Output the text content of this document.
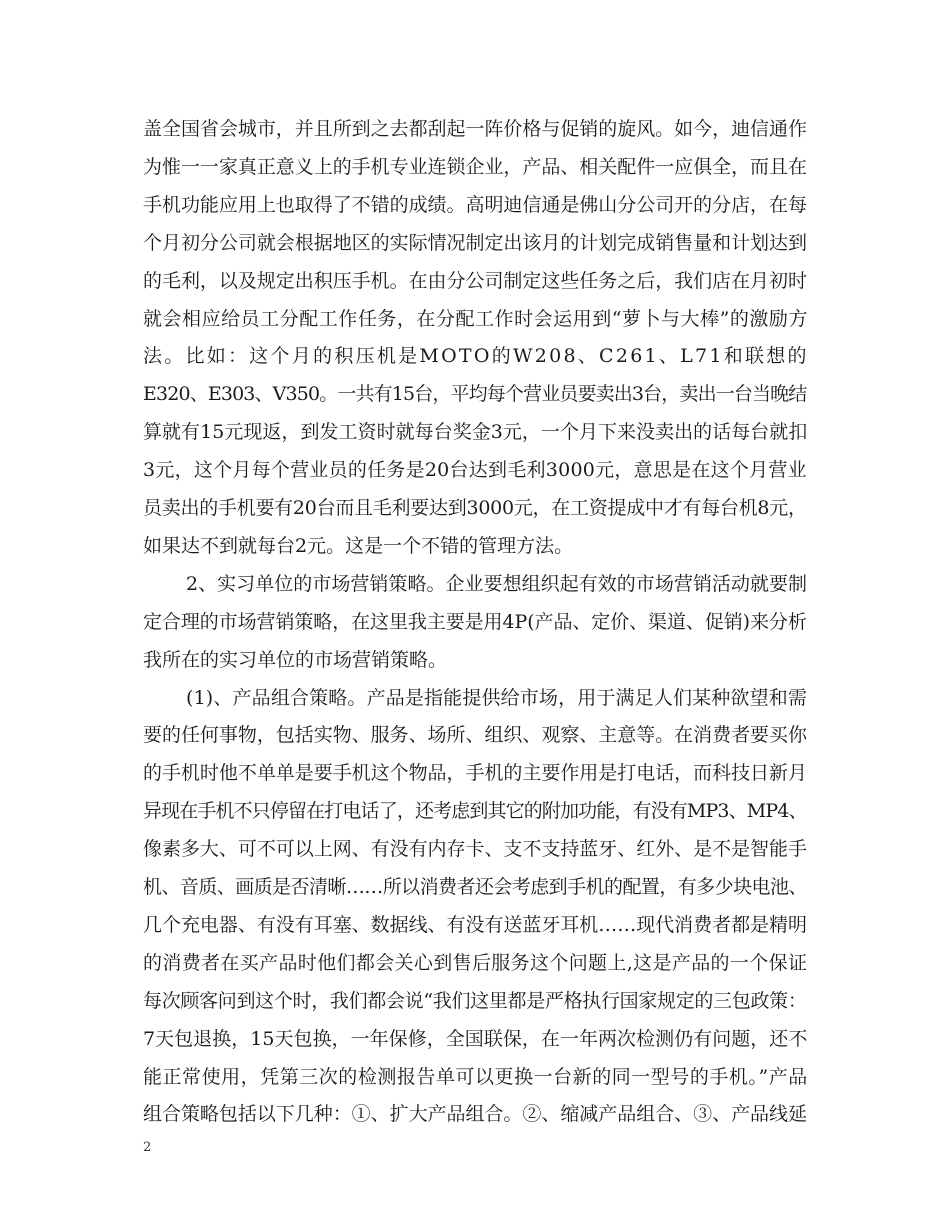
盖全国省会城市，并且所到之去都刮起一阵价格与促销的旋风。如今，迪信通作
为惟一一家真正意义上的手机专业连锁企业，产品、相关配件一应俱全，而且在
手机功能应用上也取得了不错的成绩。高明迪信通是佛山分公司开的分店，在每
个月初分公司就会根据地区的实际情况制定出该月的计划完成销售量和计划达到
的毛利，以及规定出积压手机。在由分公司制定这些任务之后，我们店在月初时
就会相应给员工分配工作任务，在分配工作时会运用到“萝卜与大棒”的激励方
法。比如：这个月的积压机是MOTO的W208、C261、L71和联想的
E320、E303、V350。一共有15台，平均每个营业员要卖出3台，卖出一台当晚结
算就有15元现返，到发工资时就每台奖金3元，一个月下来没卖出的话每台就扣
3元，这个月每个营业员的任务是20台达到毛利3000元，意思是在这个月营业
员卖出的手机要有20台而且毛利要达到3000元，在工资提成中才有每台机8元，
如果达不到就每台2元。这是一个不错的管理方法。
2、实习单位的市场营销策略。企业要想组织起有效的市场营销活动就要制
定合理的市场营销策略，在这里我主要是用4P(产品、定价、渠道、促销)来分析
我所在的实习单位的市场营销策略。
(1)、产品组合策略。产品是指能提供给市场，用于满足人们某种欲望和需
要的任何事物，包括实物、服务、场所、组织、观察、主意等。在消费者要买你
的手机时他不单单是要手机这个物品，手机的主要作用是打电话，而科技日新月
异现在手机不只停留在打电话了，还考虑到其它的附加功能，有没有MP3、MP4、
像素多大、可不可以上网、有没有内存卡、支不支持蓝牙、红外、是不是智能手
机、音质、画质是否清晰……所以消费者还会考虑到手机的配置，有多少块电池、
几个充电器、有没有耳塞、数据线、有没有送蓝牙耳机……现代消费者都是精明
的消费者在买产品时他们都会关心到售后服务这个问题上,这是产品的一个保证
每次顾客问到这个时，我们都会说“我们这里都是严格执行国家规定的三包政策：
7天包退换，15天包换，一年保修，全国联保，在一年两次检测仍有问题，还不
能正常使用，凭第三次的检测报告单可以更换一台新的同一型号的手机。”产品
组合策略包括以下几种：①、扩大产品组合。②、缩减产品组合、③、产品线延
2
